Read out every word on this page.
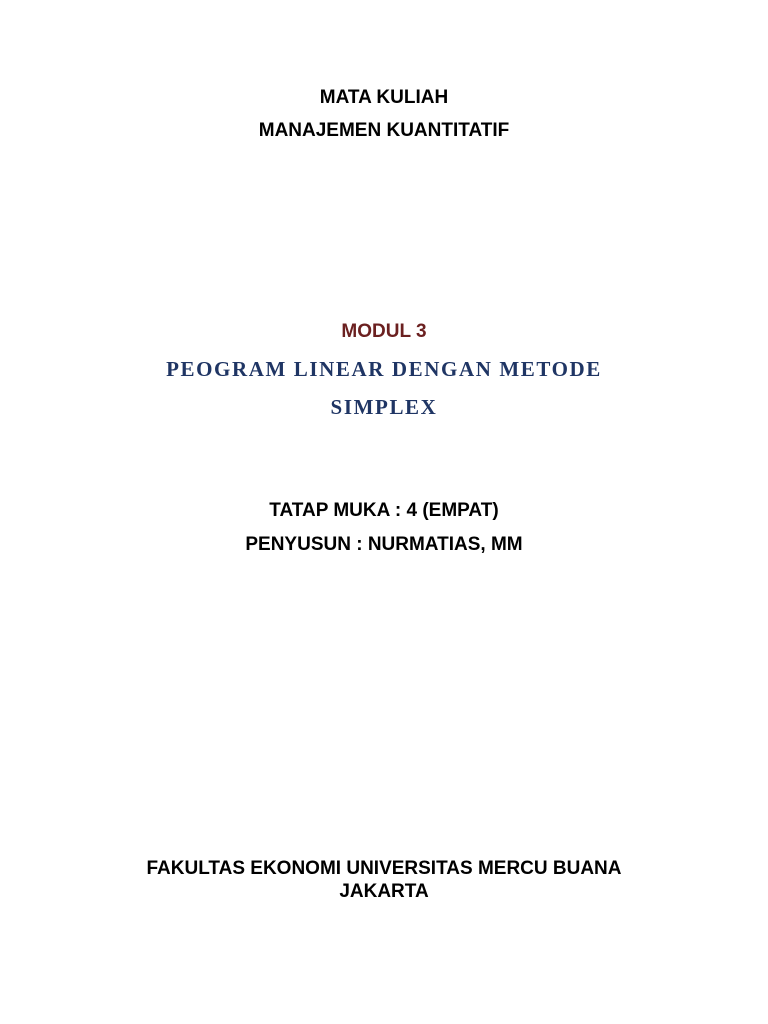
MATA KULIAH
MANAJEMEN KUANTITATIF
MODUL 3
PEOGRAM LINEAR DENGAN METODE
SIMPLEX
TATAP MUKA : 4 (EMPAT)
PENYUSUN : NURMATIAS, MM
FAKULTAS EKONOMI UNIVERSITAS MERCU BUANA
JAKARTA
